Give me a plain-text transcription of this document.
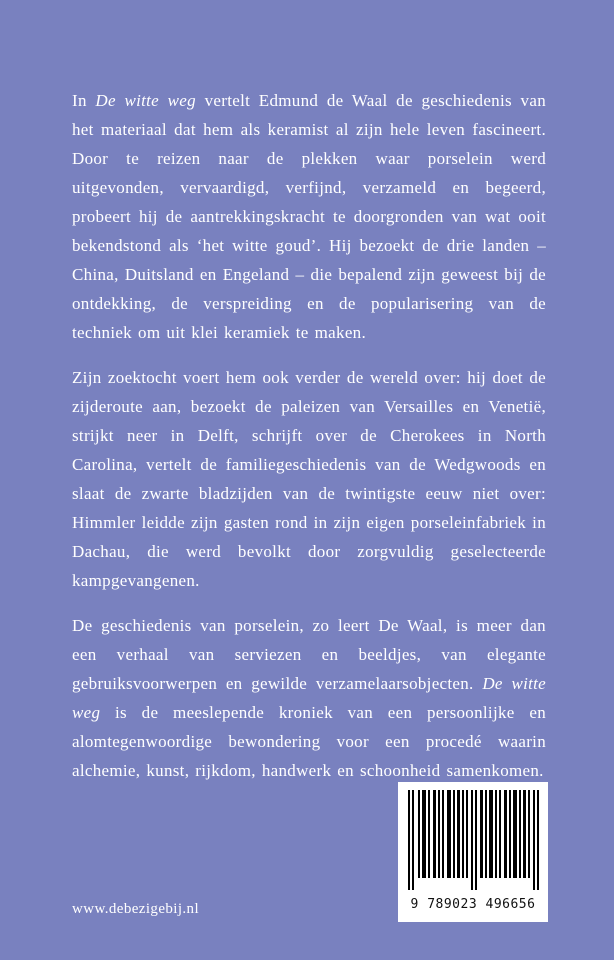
In De witte weg vertelt Edmund de Waal de geschiedenis van het materiaal dat hem als keramist al zijn hele leven fascineert. Door te reizen naar de plekken waar porselein werd uitgevonden, vervaardigd, verfijnd, verzameld en begeerd, probeert hij de aantrekkingskracht te doorgronden van wat ooit bekendstond als ‘het witte goud’. Hij bezoekt de drie landen – China, Duitsland en Engeland – die bepalend zijn geweest bij de ontdekking, de verspreiding en de popularisering van de techniek om uit klei keramiek te maken.

Zijn zoektocht voert hem ook verder de wereld over: hij doet de zijderoute aan, bezoekt de paleizen van Versailles en Venetië, strijkt neer in Delft, schrijft over de Cherokees in North Carolina, vertelt de familiegeschiedenis van de Wedgwoods en slaat de zwarte bladzijden van de twintigste eeuw niet over: Himmler leidde zijn gasten rond in zijn eigen porseleinfabriek in Dachau, die werd bevolkt door zorgvuldig geselecteerde kampgevangenen.

De geschiedenis van porselein, zo leert De Waal, is meer dan een verhaal van serviezen en beeldjes, van elegante gebruiksvoorwerpen en gewilde verzamelaarsobjecten. De witte weg is de meeslepende kroniek van een persoonlijke en alomtegenwoordige bewondering voor een procedé waarin alchemie, kunst, rijkdom, handwerk en schoonheid samenkomen.

www.debezigebij.nl	9 789023 496656
